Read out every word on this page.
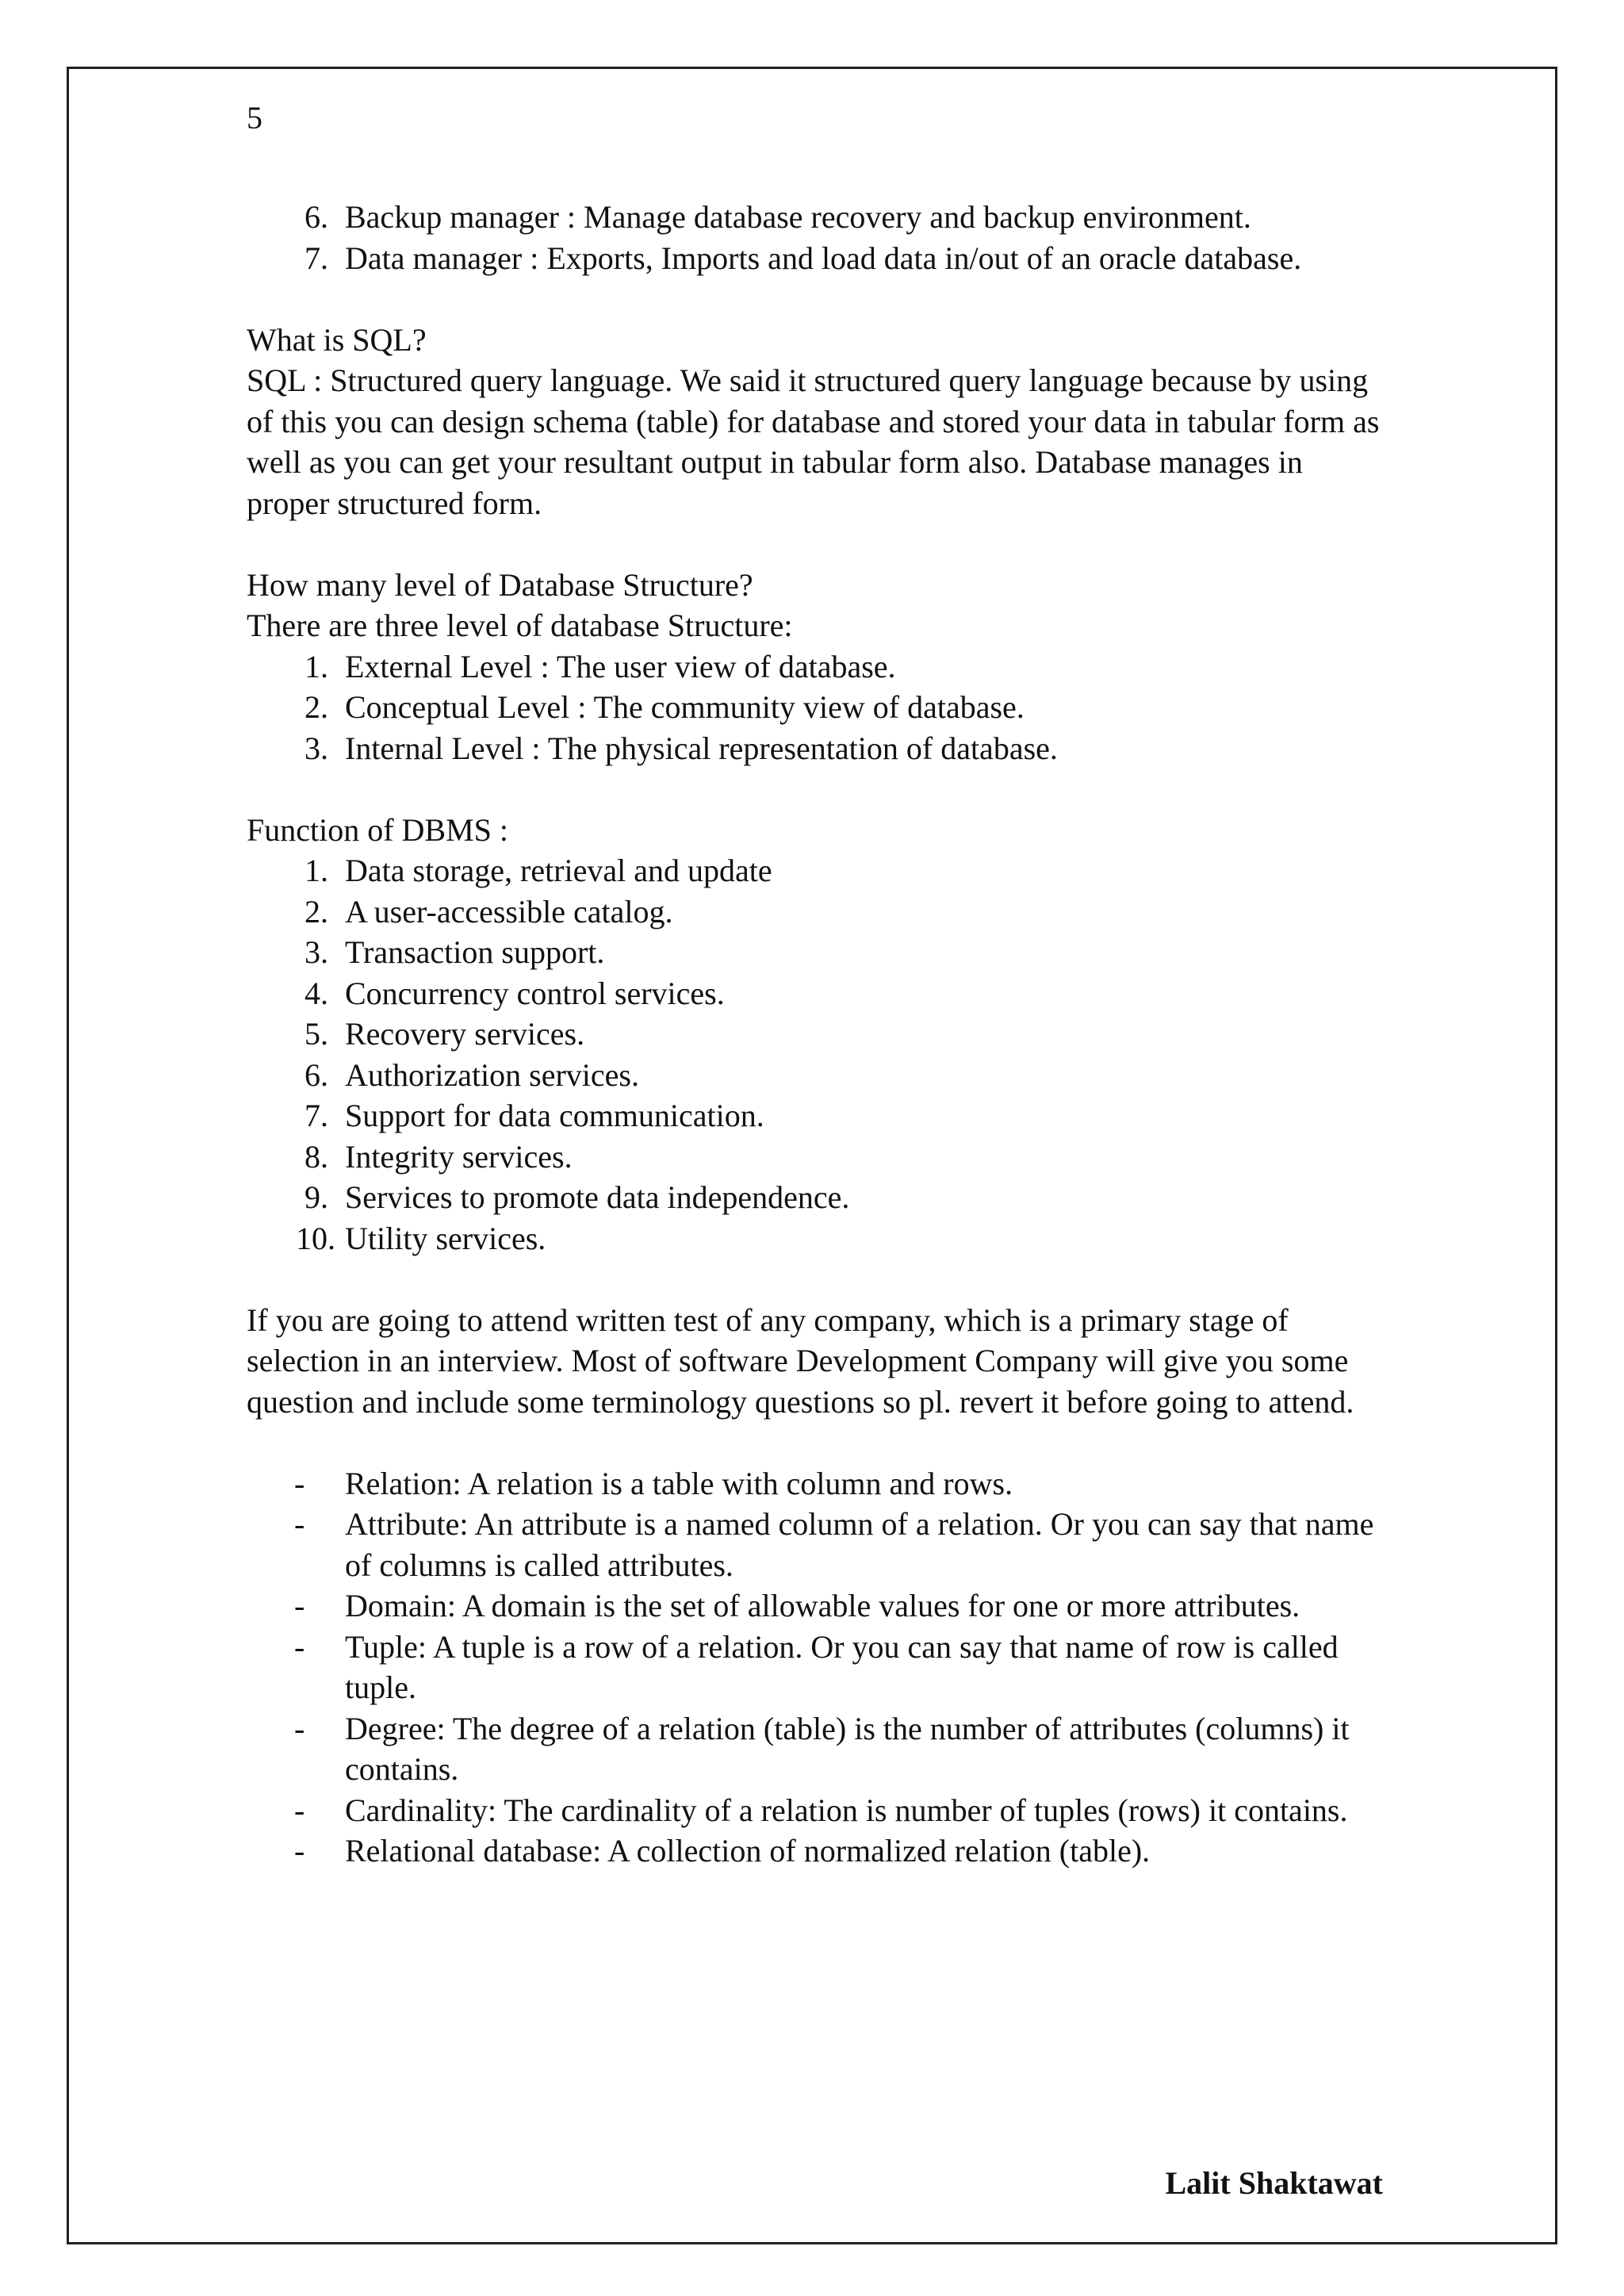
5
6. Backup manager : Manage database recovery and backup environment.
7. Data manager : Exports, Imports and load data in/out of an oracle database.

What is SQL?

SQL : Structured query language. We said it structured query language because by using of this you can design schema (table) for database and stored your data in tabular form as well as you can get your resultant output in tabular form also. Database manages in proper structured form.

How many level of Database Structure?

There are three level of database Structure:

1. External Level : The user view of database.
2. Conceptual Level : The community view of database.
3. Internal Level : The physical representation of database.

Function of DBMS :

1. Data storage, retrieval and update
2. A user-accessible catalog.
3. Transaction support.
4. Concurrency control services.
5. Recovery services.
6. Authorization services.
7. Support for data communication.
8. Integrity services.
9. Services to promote data independence.
10. Utility services.

If you are going to attend written test of any company, which is a primary stage of selection in an interview. Most of software Development Company will give you some question and include some terminology questions so pl. revert it before going to attend.

-	Relation: A relation is a table with column and rows.
-	Attribute: An attribute is a named column of a relation. Or you can say that name of columns is called attributes.
-	Domain: A domain is the set of allowable values for one or more attributes.
-	Tuple: A tuple is a row of a relation. Or you can say that name of row is called tuple.
-	Degree: The degree of a relation (table) is the number of attributes (columns) it contains.
-	Cardinality: The cardinality of a relation is number of tuples (rows) it contains.
-	Relational database: A collection of normalized relation (table).
Lalit Shaktawat
